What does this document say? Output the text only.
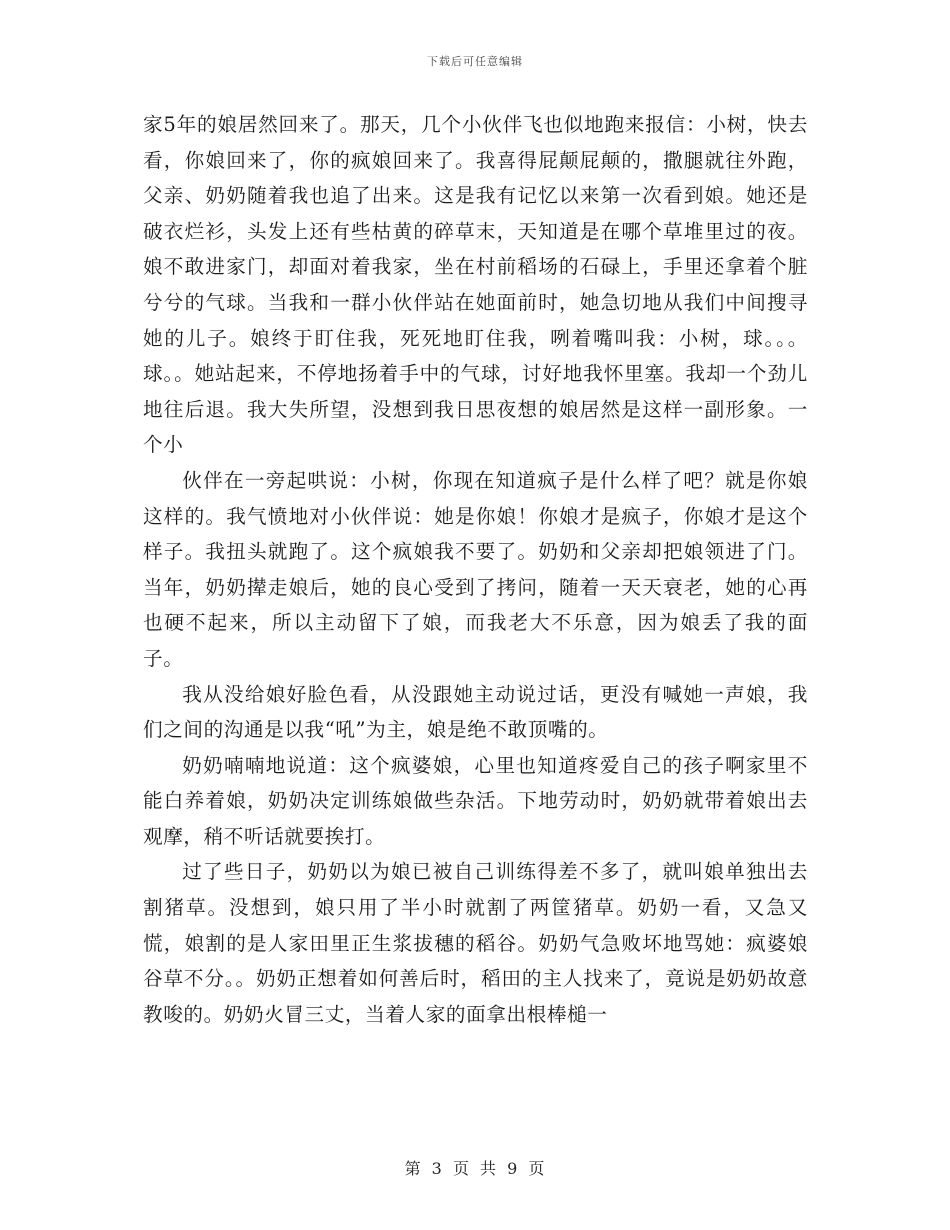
下载后可任意编辑

家5年的娘居然回来了。那天，几个小伙伴飞也似地跑来报信：小树，快去看，你娘回来了，你的疯娘回来了。我喜得屁颠屁颠的，撒腿就往外跑，父亲、奶奶随着我也追了出来。这是我有记忆以来第一次看到娘。她还是破衣烂衫，头发上还有些枯黄的碎草末，天知道是在哪个草堆里过的夜。娘不敢进家门，却面对着我家，坐在村前稻场的石碌上，手里还拿着个脏兮兮的气球。当我和一群小伙伴站在她面前时，她急切地从我们中间搜寻她的儿子。娘终于盯住我，死死地盯住我，咧着嘴叫我：小树，球。。。球。。她站起来，不停地扬着手中的气球，讨好地我怀里塞。我却一个劲儿地往后退。我大失所望，没想到我日思夜想的娘居然是这样一副形象。一个小

伙伴在一旁起哄说：小树，你现在知道疯子是什么样了吧？就是你娘这样的。我气愤地对小伙伴说：她是你娘！你娘才是疯子，你娘才是这个样子。我扭头就跑了。这个疯娘我不要了。奶奶和父亲却把娘领进了门。当年，奶奶撵走娘后，她的良心受到了拷问，随着一天天衰老，她的心再也硬不起来，所以主动留下了娘，而我老大不乐意，因为娘丢了我的面子。

我从没给娘好脸色看，从没跟她主动说过话，更没有喊她一声娘，我们之间的沟通是以我“吼”为主，娘是绝不敢顶嘴的。

奶奶喃喃地说道：这个疯婆娘，心里也知道疼爱自己的孩子啊家里不能白养着娘，奶奶决定训练娘做些杂活。下地劳动时，奶奶就带着娘出去观摩，稍不听话就要挨打。

过了些日子，奶奶以为娘已被自己训练得差不多了，就叫娘单独出去割猪草。没想到，娘只用了半小时就割了两筐猪草。奶奶一看，又急又慌，娘割的是人家田里正生浆拔穗的稻谷。奶奶气急败坏地骂她：疯婆娘谷草不分。。奶奶正想着如何善后时，稻田的主人找来了，竟说是奶奶故意教唆的。奶奶火冒三丈，当着人家的面拿出根棒槌一

第 3 页 共 9 页
